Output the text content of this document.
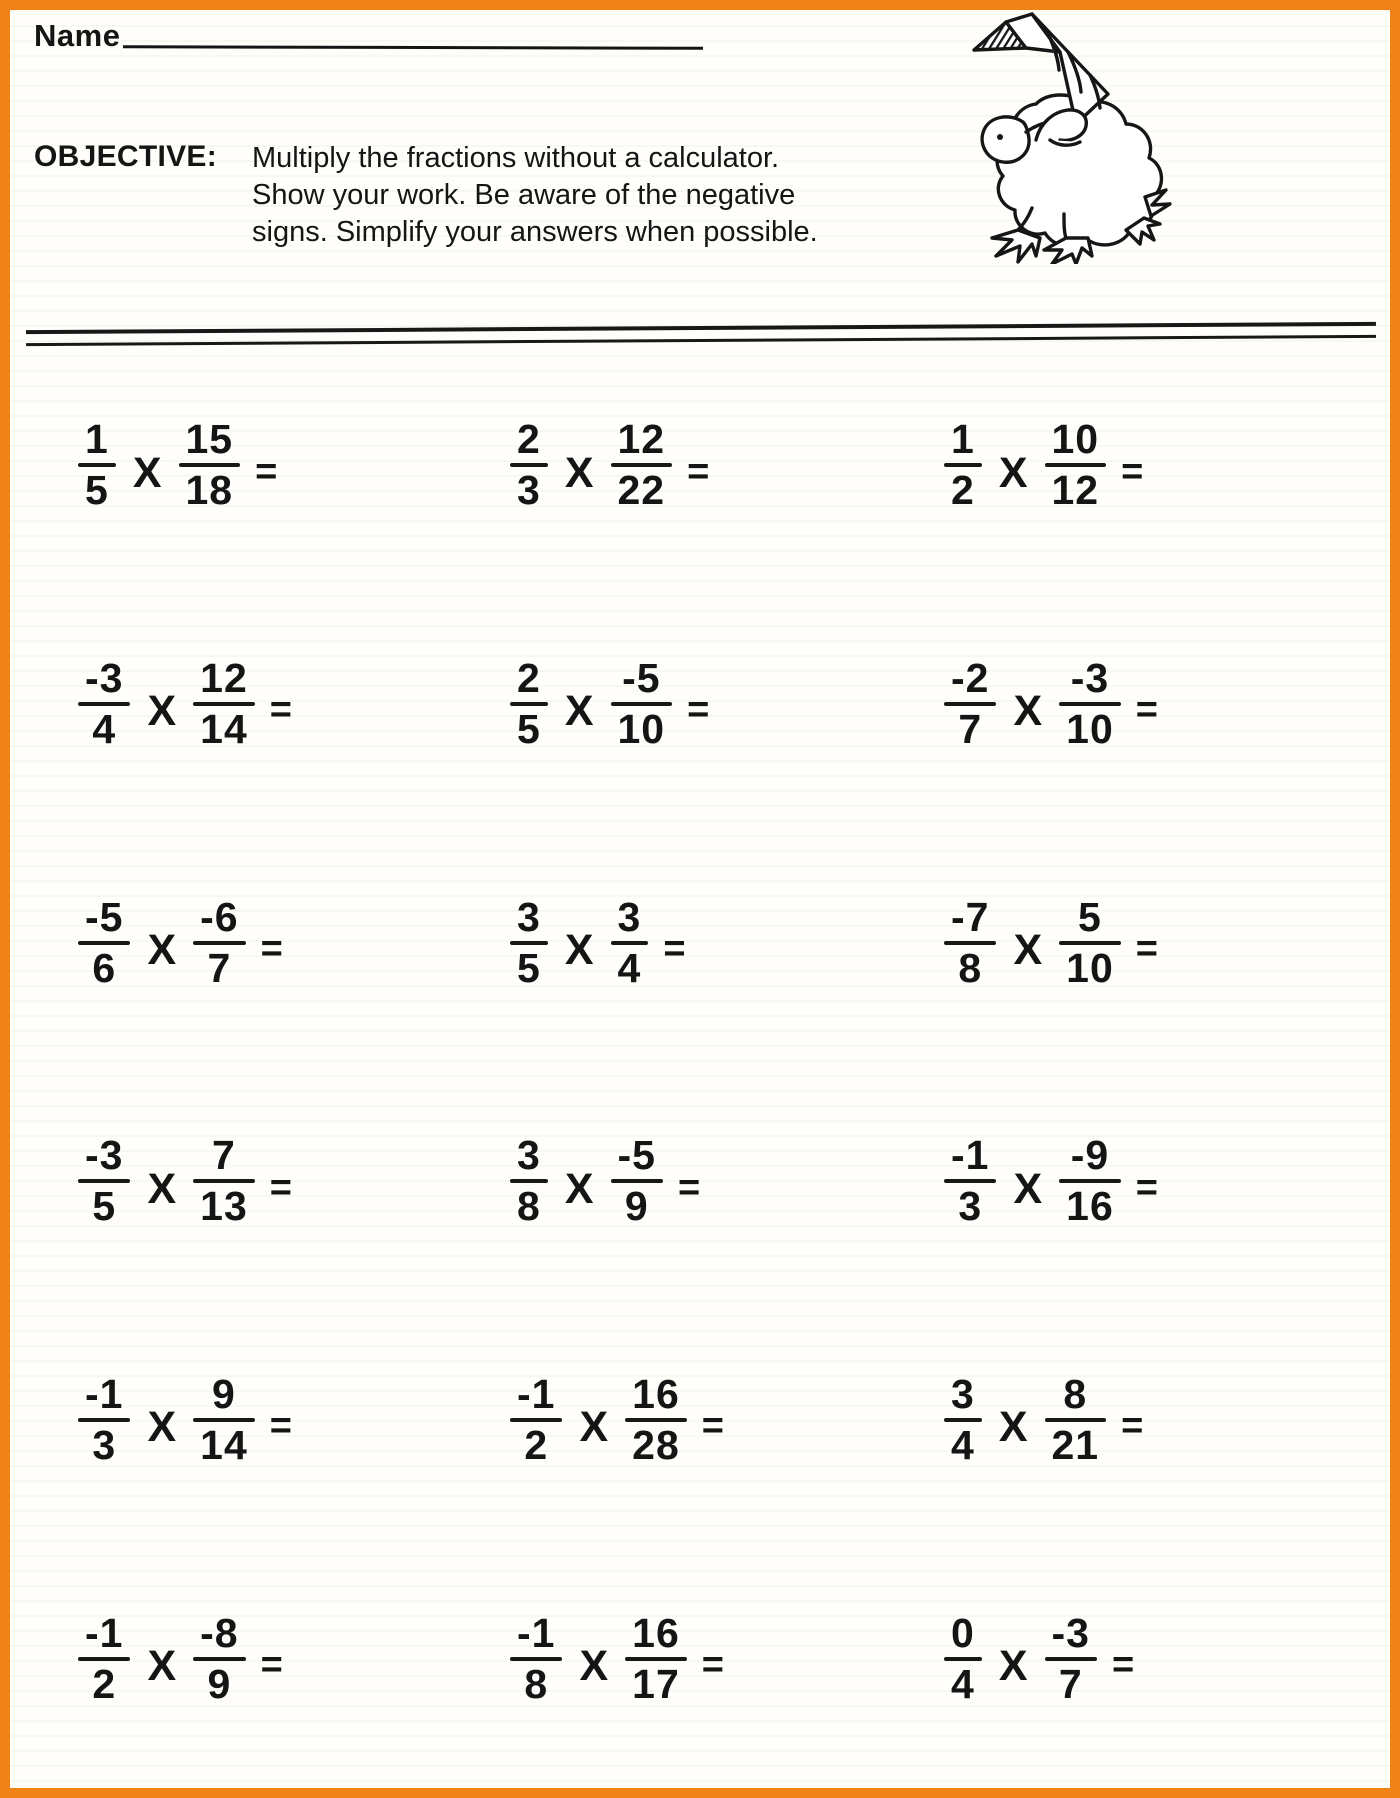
Name
OBJECTIVE:	Multiply the fractions without a calculator.
Show your work. Be aware of the negative
signs. Simplify your answers when possible.
$\frac{1}{5}$ X $\frac{15}{18}$ =	$\frac{2}{3}$ X $\frac{12}{22}$ =	$\frac{1}{2}$ X $\frac{10}{12}$ =
$\frac{-3}{4}$ X $\frac{12}{14}$ =	$\frac{2}{5}$ X $\frac{-5}{10}$ =	$\frac{-2}{7}$ X $\frac{-3}{10}$ =
$\frac{-5}{6}$ X $\frac{-6}{7}$ =	$\frac{3}{5}$ X $\frac{3}{4}$ =	$\frac{-7}{8}$ X $\frac{5}{10}$ =
$\frac{-3}{5}$ X $\frac{7}{13}$ =	$\frac{3}{8}$ X $\frac{-5}{9}$ =	$\frac{-1}{3}$ X $\frac{-9}{16}$ =
$\frac{-1}{3}$ X $\frac{9}{14}$ =	$\frac{-1}{2}$ X $\frac{16}{28}$ =	$\frac{3}{4}$ X $\frac{8}{21}$ =
$\frac{-1}{2}$ X $\frac{-8}{9}$ =	$\frac{-1}{8}$ X $\frac{16}{17}$ =	$\frac{0}{4}$ X $\frac{-3}{7}$ =
